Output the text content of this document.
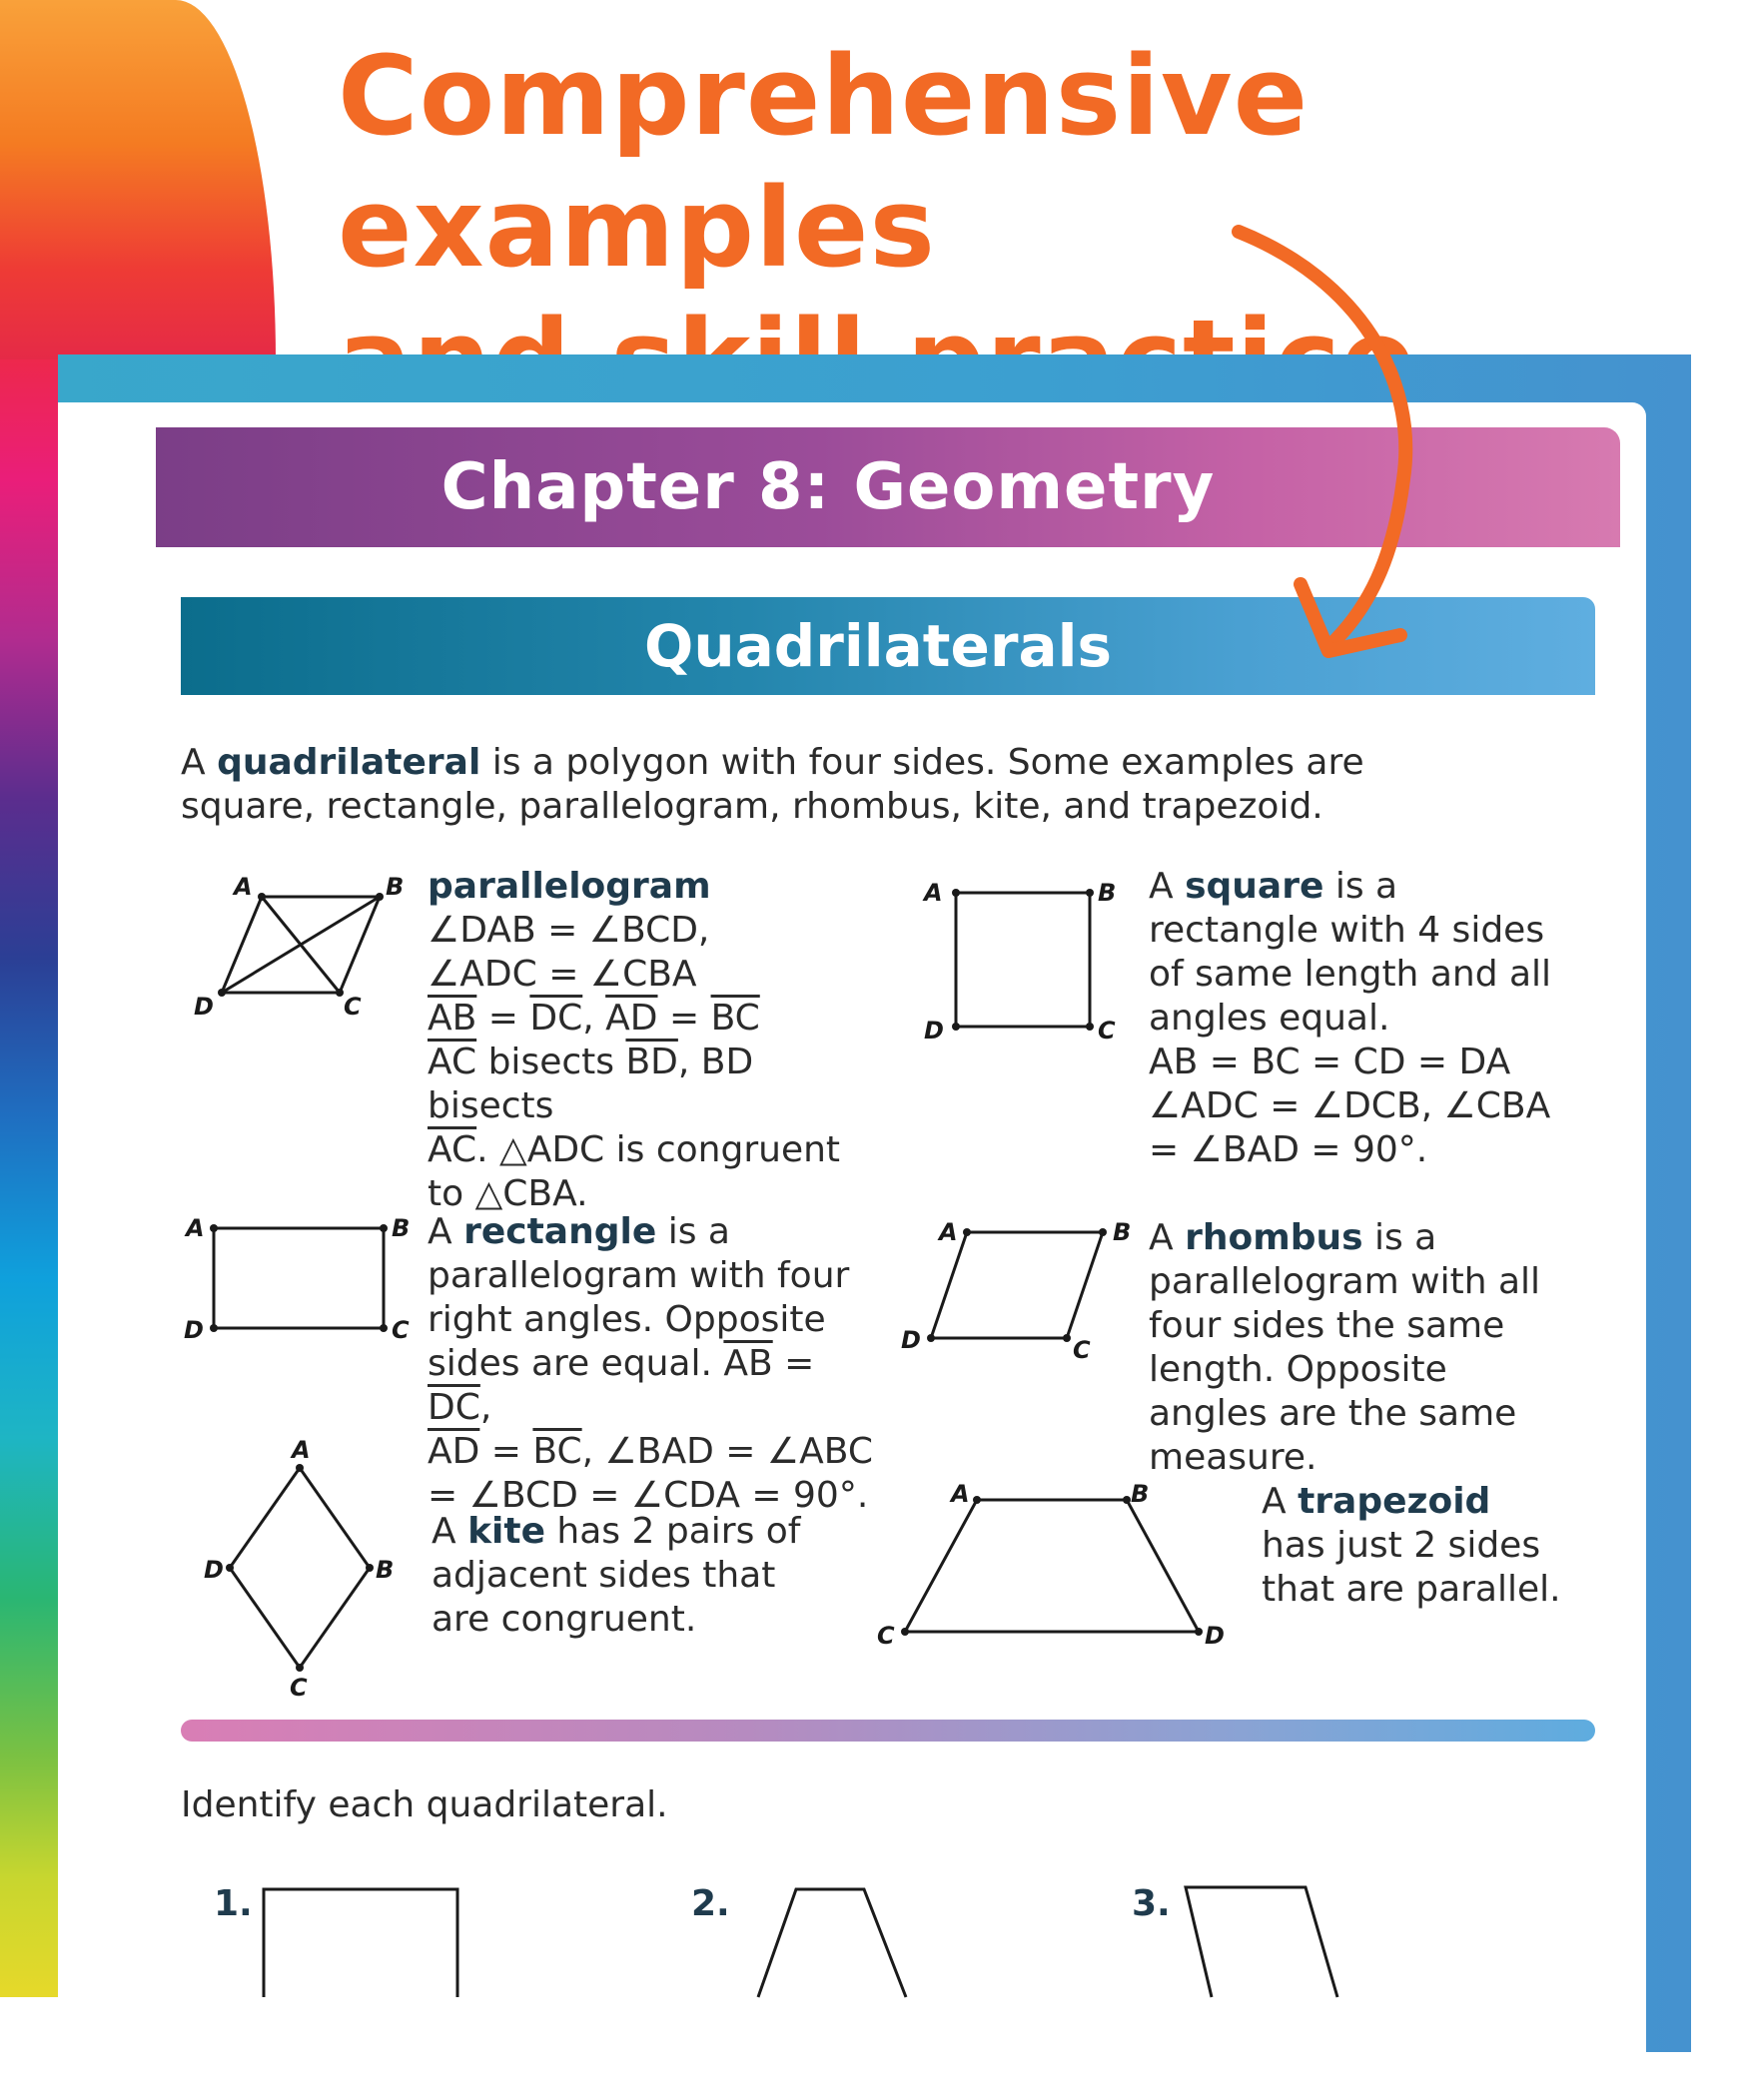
Comprehensive examples
Chapter 8: Geometry
Quadrilaterals
A quadrilateral is a polygon with four sides. Some examples are square, rectangle, parallelogram, rhombus, kite, and trapezoid.
A	B
C
D
parallelogram
∠DAB = ∠BCD,
∠ADC = ∠CBA
$\overline{AB} = \overline{DC}$, $\overline{AD} = \overline{BC}$
$\overline{AC}$ bisects $\overline{BD}$, BD bisects
$\overline{AC}$. △ADC is congruent
to △CBA.
A	B
C
D
A square is a rectangle with 4 sides of same length and all angles equal.
AB = BC = CD = DA
∠ADC = ∠DCB, ∠CBA
= ∠BAD = 90°.
A	B
C
D
A rectangle is a parallelogram with four right angles. Opposite sides are equal. $\overline{AB} = \overline{DC}$,
$\overline{AD} = \overline{BC}$, ∠BAD = ∠ABC
= ∠BCD = ∠CDA = 90°.
A	B
C
D
A rhombus is a parallelogram with all four sides the same length. Opposite angles are the same measure.
A
B
C
D
A kite has 2 pairs of adjacent sides that are congruent.
A	B
C	D
A trapezoid has just 2 sides that are parallel.
Identify each quadrilateral.
1.	2.	3.
